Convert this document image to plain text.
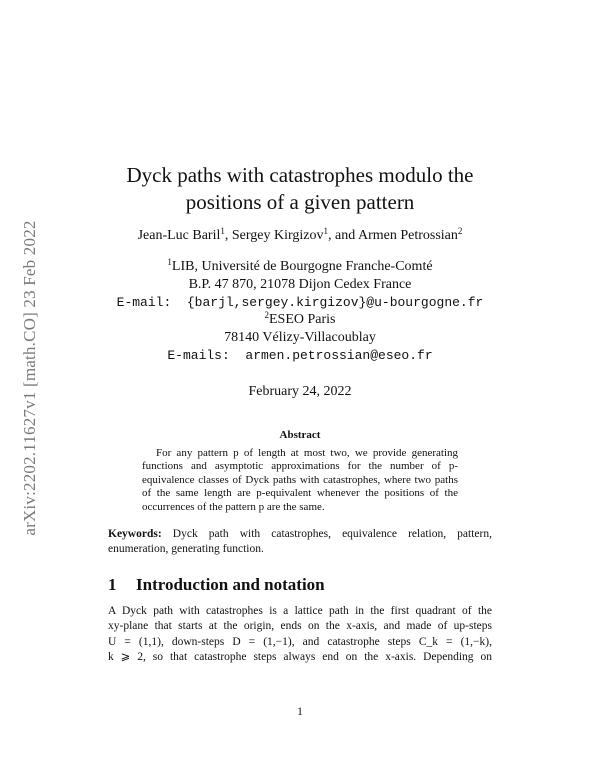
arXiv:2202.11627v1 [math.CO] 23 Feb 2022
Dyck paths with catastrophes modulo the
positions of a given pattern
Jean-Luc Baril$^1$, Sergey Kirgizov$^1$, and Armen Petrossian$^2$
$^1$LIB, Université de Bourgogne Franche-Comté
B.P. 47 870, 21078 Dijon Cedex France
E-mail: {barjl,sergey.kirgizov}@u-bourgogne.fr
$^2$ESEO Paris
78140 Vélizy-Villacoublay
E-mails: armen.petrossian@eseo.fr
February 24, 2022
Abstract

For any pattern p of length at most two, we provide generating functions and asymptotic approximations for the number of p-equivalence classes of Dyck paths with catastrophes, where two paths of the same length are p-equivalent whenever the positions of the occurrences of the pattern p are the same.

Keywords: Dyck path with catastrophes, equivalence relation, pattern, enumeration, generating function.

1 Introduction and notation

A Dyck path with catastrophes is a lattice path in the first quadrant of the
xy-plane that starts at the origin, ends on the x-axis, and made of up-steps
U = (1,1), down-steps D = (1,−1), and catastrophe steps C_k = (1,−k),
k ⩾ 2, so that catastrophe steps always end on the x-axis. Depending on

1
